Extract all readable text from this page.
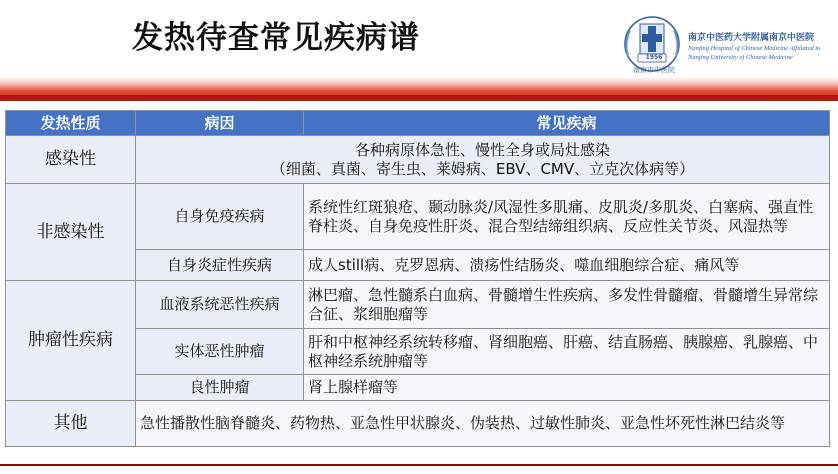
发热待查常见疾病谱
1956
南京市中医院
南京中医药大学附属南京中医院
Nanjing Hospital of Chinese Medicine Affiliated to
Nanjing University of Chinese Medicine
发热性质	病因	常见疾病
感染性	各种病原体急性、慢性全身或局灶感染
（细菌、真菌、寄生虫、莱姆病、EBV、CMV、立克次体病等）	

非感染性	自身免疫疾病	系统性红斑狼疮、颞动脉炎/风湿性多肌痛、皮肌炎/多肌炎、白塞病、强直性脊柱炎、自身免疫性肝炎、混合型结缔组织病、反应性关节炎、风湿热等
	自身炎症性疾病	成人still病、克罗恩病、溃疡性结肠炎、噬血细胞综合症、痛风等
肿瘤性疾病	血液系统恶性疾病	淋巴瘤、急性髓系白血病、骨髓增生性疾病、多发性骨髓瘤、骨髓增生异常综合征、浆细胞瘤等
	实体恶性肿瘤	肝和中枢神经系统转移瘤、肾细胞癌、肝癌、结直肠癌、胰腺癌、乳腺癌、中枢神经系统肿瘤等
	良性肿瘤	肾上腺样瘤等
其他	急性播散性脑脊髓炎、药物热、亚急性甲状腺炎、伪装热、过敏性肺炎、亚急性坏死性淋巴结炎等	
